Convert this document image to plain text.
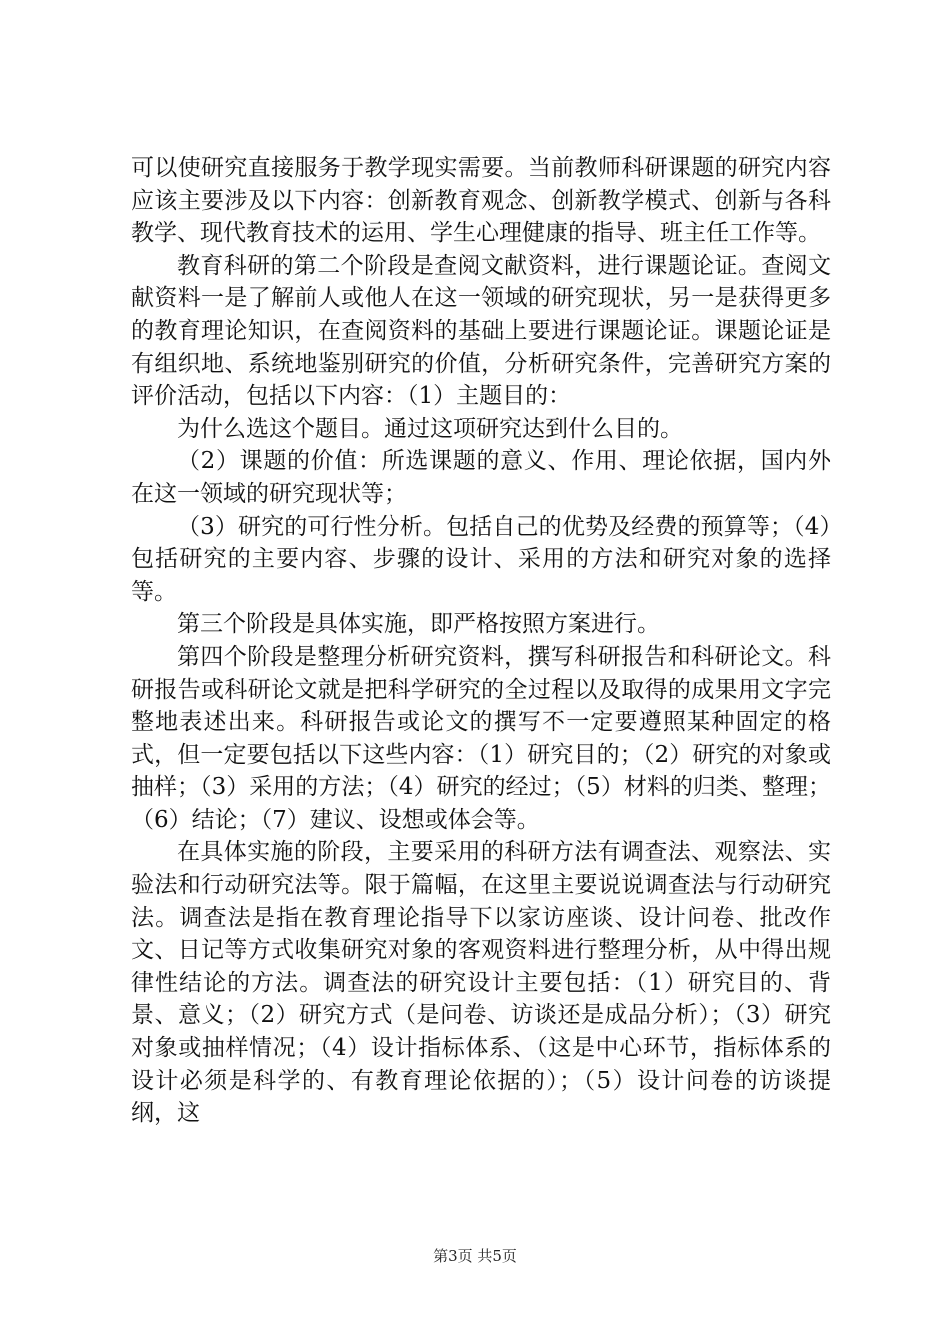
可以使研究直接服务于教学现实需要。当前教师科研课题的研究内容应该主要涉及以下内容：创新教育观念、创新教学模式、创新与各科教学、现代教育技术的运用、学生心理健康的指导、班主任工作等。

教育科研的第二个阶段是查阅文献资料，进行课题论证。查阅文献资料一是了解前人或他人在这一领域的研究现状，另一是获得更多的教育理论知识，在查阅资料的基础上要进行课题论证。课题论证是有组织地、系统地鉴别研究的价值，分析研究条件，完善研究方案的评价活动，包括以下内容：（1）主题目的：

为什么选这个题目。通过这项研究达到什么目的。

（2）课题的价值：所选课题的意义、作用、理论依据，国内外在这一领域的研究现状等；

（3）研究的可行性分析。包括自己的优势及经费的预算等；（4）包括研究的主要内容、步骤的设计、采用的方法和研究对象的选择等。

第三个阶段是具体实施，即严格按照方案进行。

第四个阶段是整理分析研究资料，撰写科研报告和科研论文。科研报告或科研论文就是把科学研究的全过程以及取得的成果用文字完整地表述出来。科研报告或论文的撰写不一定要遵照某种固定的格式，但一定要包括以下这些内容：（1）研究目的；（2）研究的对象或抽样；（3）采用的方法；（4）研究的经过；（5）材料的归类、整理；（6）结论；（7）建议、设想或体会等。

在具体实施的阶段，主要采用的科研方法有调查法、观察法、实验法和行动研究法等。限于篇幅，在这里主要说说调查法与行动研究法。调查法是指在教育理论指导下以家访座谈、设计问卷、批改作文、日记等方式收集研究对象的客观资料进行整理分析，从中得出规律性结论的方法。调查法的研究设计主要包括：（1）研究目的、背景、意义；（2）研究方式（是问卷、访谈还是成品分析）；（3）研究对象或抽样情况；（4）设计指标体系、（这是中心环节，指标体系的设计必须是科学的、有教育理论依据的）；（5）设计问卷的访谈提纲，这

第3页 共5页
